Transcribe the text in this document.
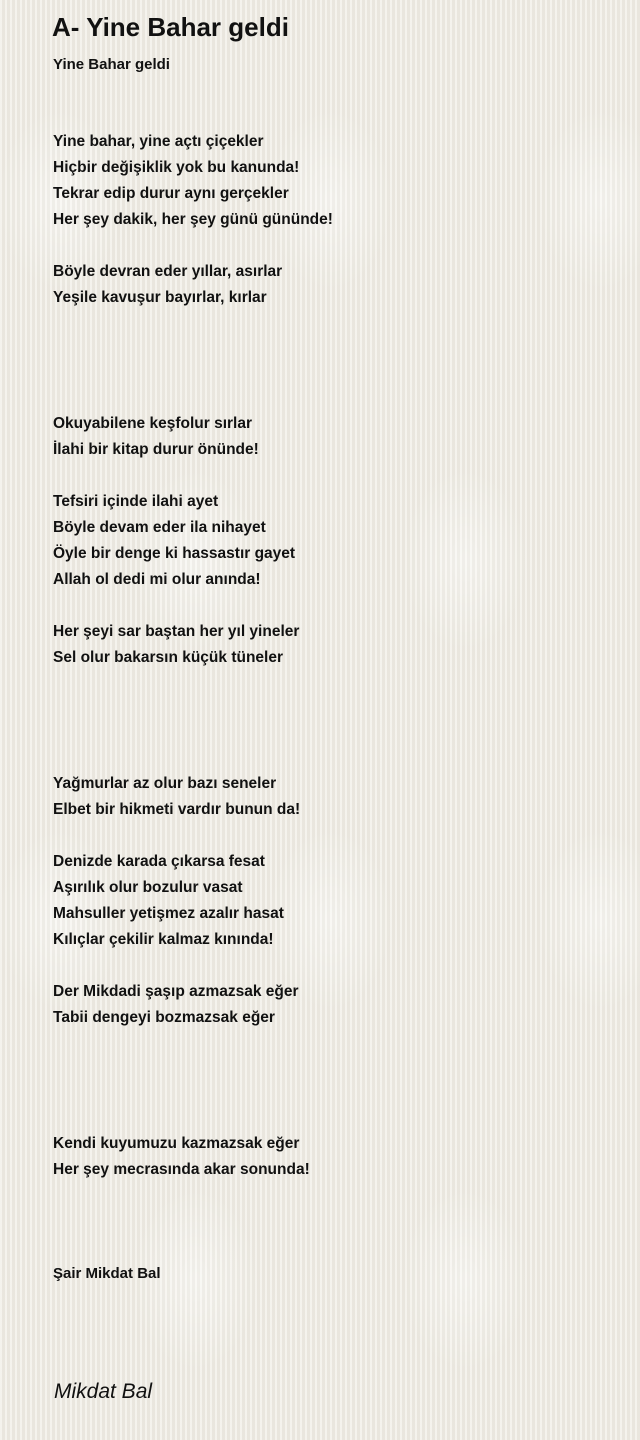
A- Yine Bahar geldi

Yine Bahar geldi

Yine bahar, yine açtı çiçekler

Hiçbir değişiklik yok bu kanunda!

Tekrar edip durur aynı gerçekler

Her şey dakik, her şey günü gününde!

Böyle devran eder yıllar, asırlar

Yeşile kavuşur bayırlar, kırlar

Okuyabilene keşfolur sırlar

İlahi bir kitap durur önünde!

Tefsiri içinde ilahi ayet

Böyle devam eder ila nihayet

Öyle bir denge ki hassastır gayet

Allah ol dedi mi olur anında!

Her şeyi sar baştan her yıl yineler

Sel olur bakarsın küçük tüneler

Yağmurlar az olur bazı seneler

Elbet bir hikmeti vardır bunun da!

Denizde karada çıkarsa fesat

Aşırılık olur bozulur vasat

Mahsuller yetişmez azalır hasat

Kılıçlar çekilir kalmaz kınında!

Der Mikdadi şaşıp azmazsak eğer

Tabii dengeyi bozmazsak eğer

Kendi kuyumuzu kazmazsak eğer

Her şey mecrasında akar sonunda!

Şair Mikdat Bal

Mikdat Bal
